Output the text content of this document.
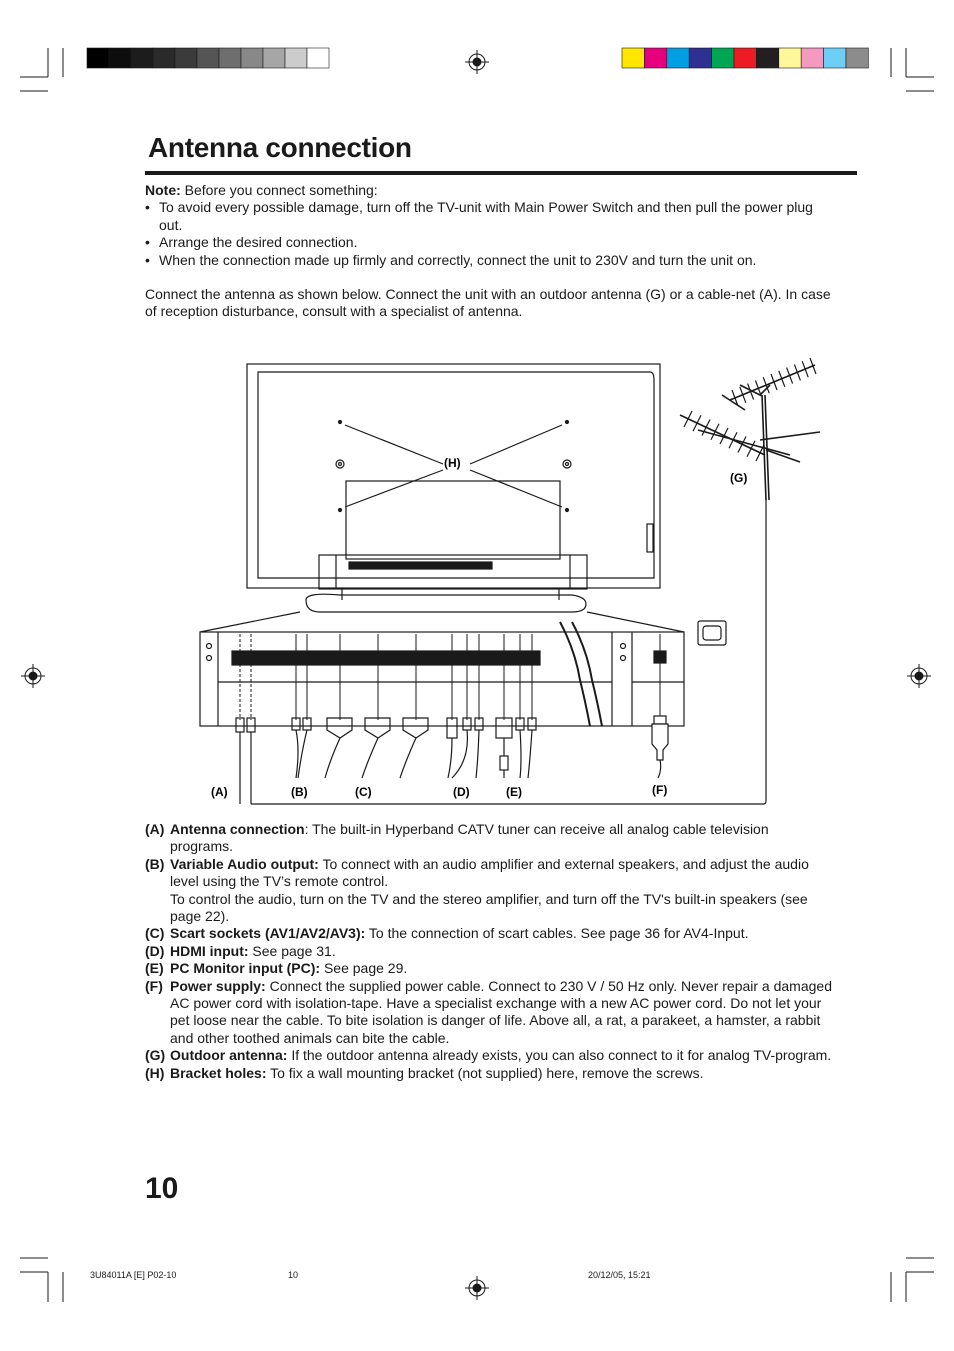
Antenna connection
Note: Before you connect something:
• To avoid every possible damage, turn off the TV-unit with Main Power Switch and then pull the power plug out.
• Arrange the desired connection.
• When the connection made up firmly and correctly, connect the unit to 230V and turn the unit on.
Connect the antenna as shown below. Connect the unit with an outdoor antenna (G) or a cable-net (A). In case of reception disturbance, consult with a specialist of antenna.
(H)
(G)
(A)	(B)	(C)	(D)	(E)	(F)
(A) Antenna connection: The built-in Hyperband CATV tuner can receive all analog cable television programs.
(B) Variable Audio output: To connect with an audio amplifier and external speakers, and adjust the audio level using the TV’s remote control.
To control the audio, turn on the TV and the stereo amplifier, and turn off the TV's built-in speakers (see page 22).
(C) Scart sockets (AV1/AV2/AV3): To the connection of scart cables. See page 36 for AV4-Input.
(D) HDMI input: See page 31.
(E) PC Monitor input (PC): See page 29.
(F) Power supply: Connect the supplied power cable. Connect to 230 V / 50 Hz only. Never repair a damaged AC power cord with isolation-tape. Have a specialist exchange with a new AC power cord. Do not let your pet loose near the cable. To bite isolation is danger of life. Above all, a rat, a parakeet, a hamster, a rabbit and other toothed animals can bite the cable.
(G) Outdoor antenna: If the outdoor antenna already exists, you can also connect to it for analog TV-program.
(H) Bracket holes: To fix a wall mounting bracket (not supplied) here, remove the screws.
10
3U84011A [E] P02-10	10	20/12/05, 15:21
